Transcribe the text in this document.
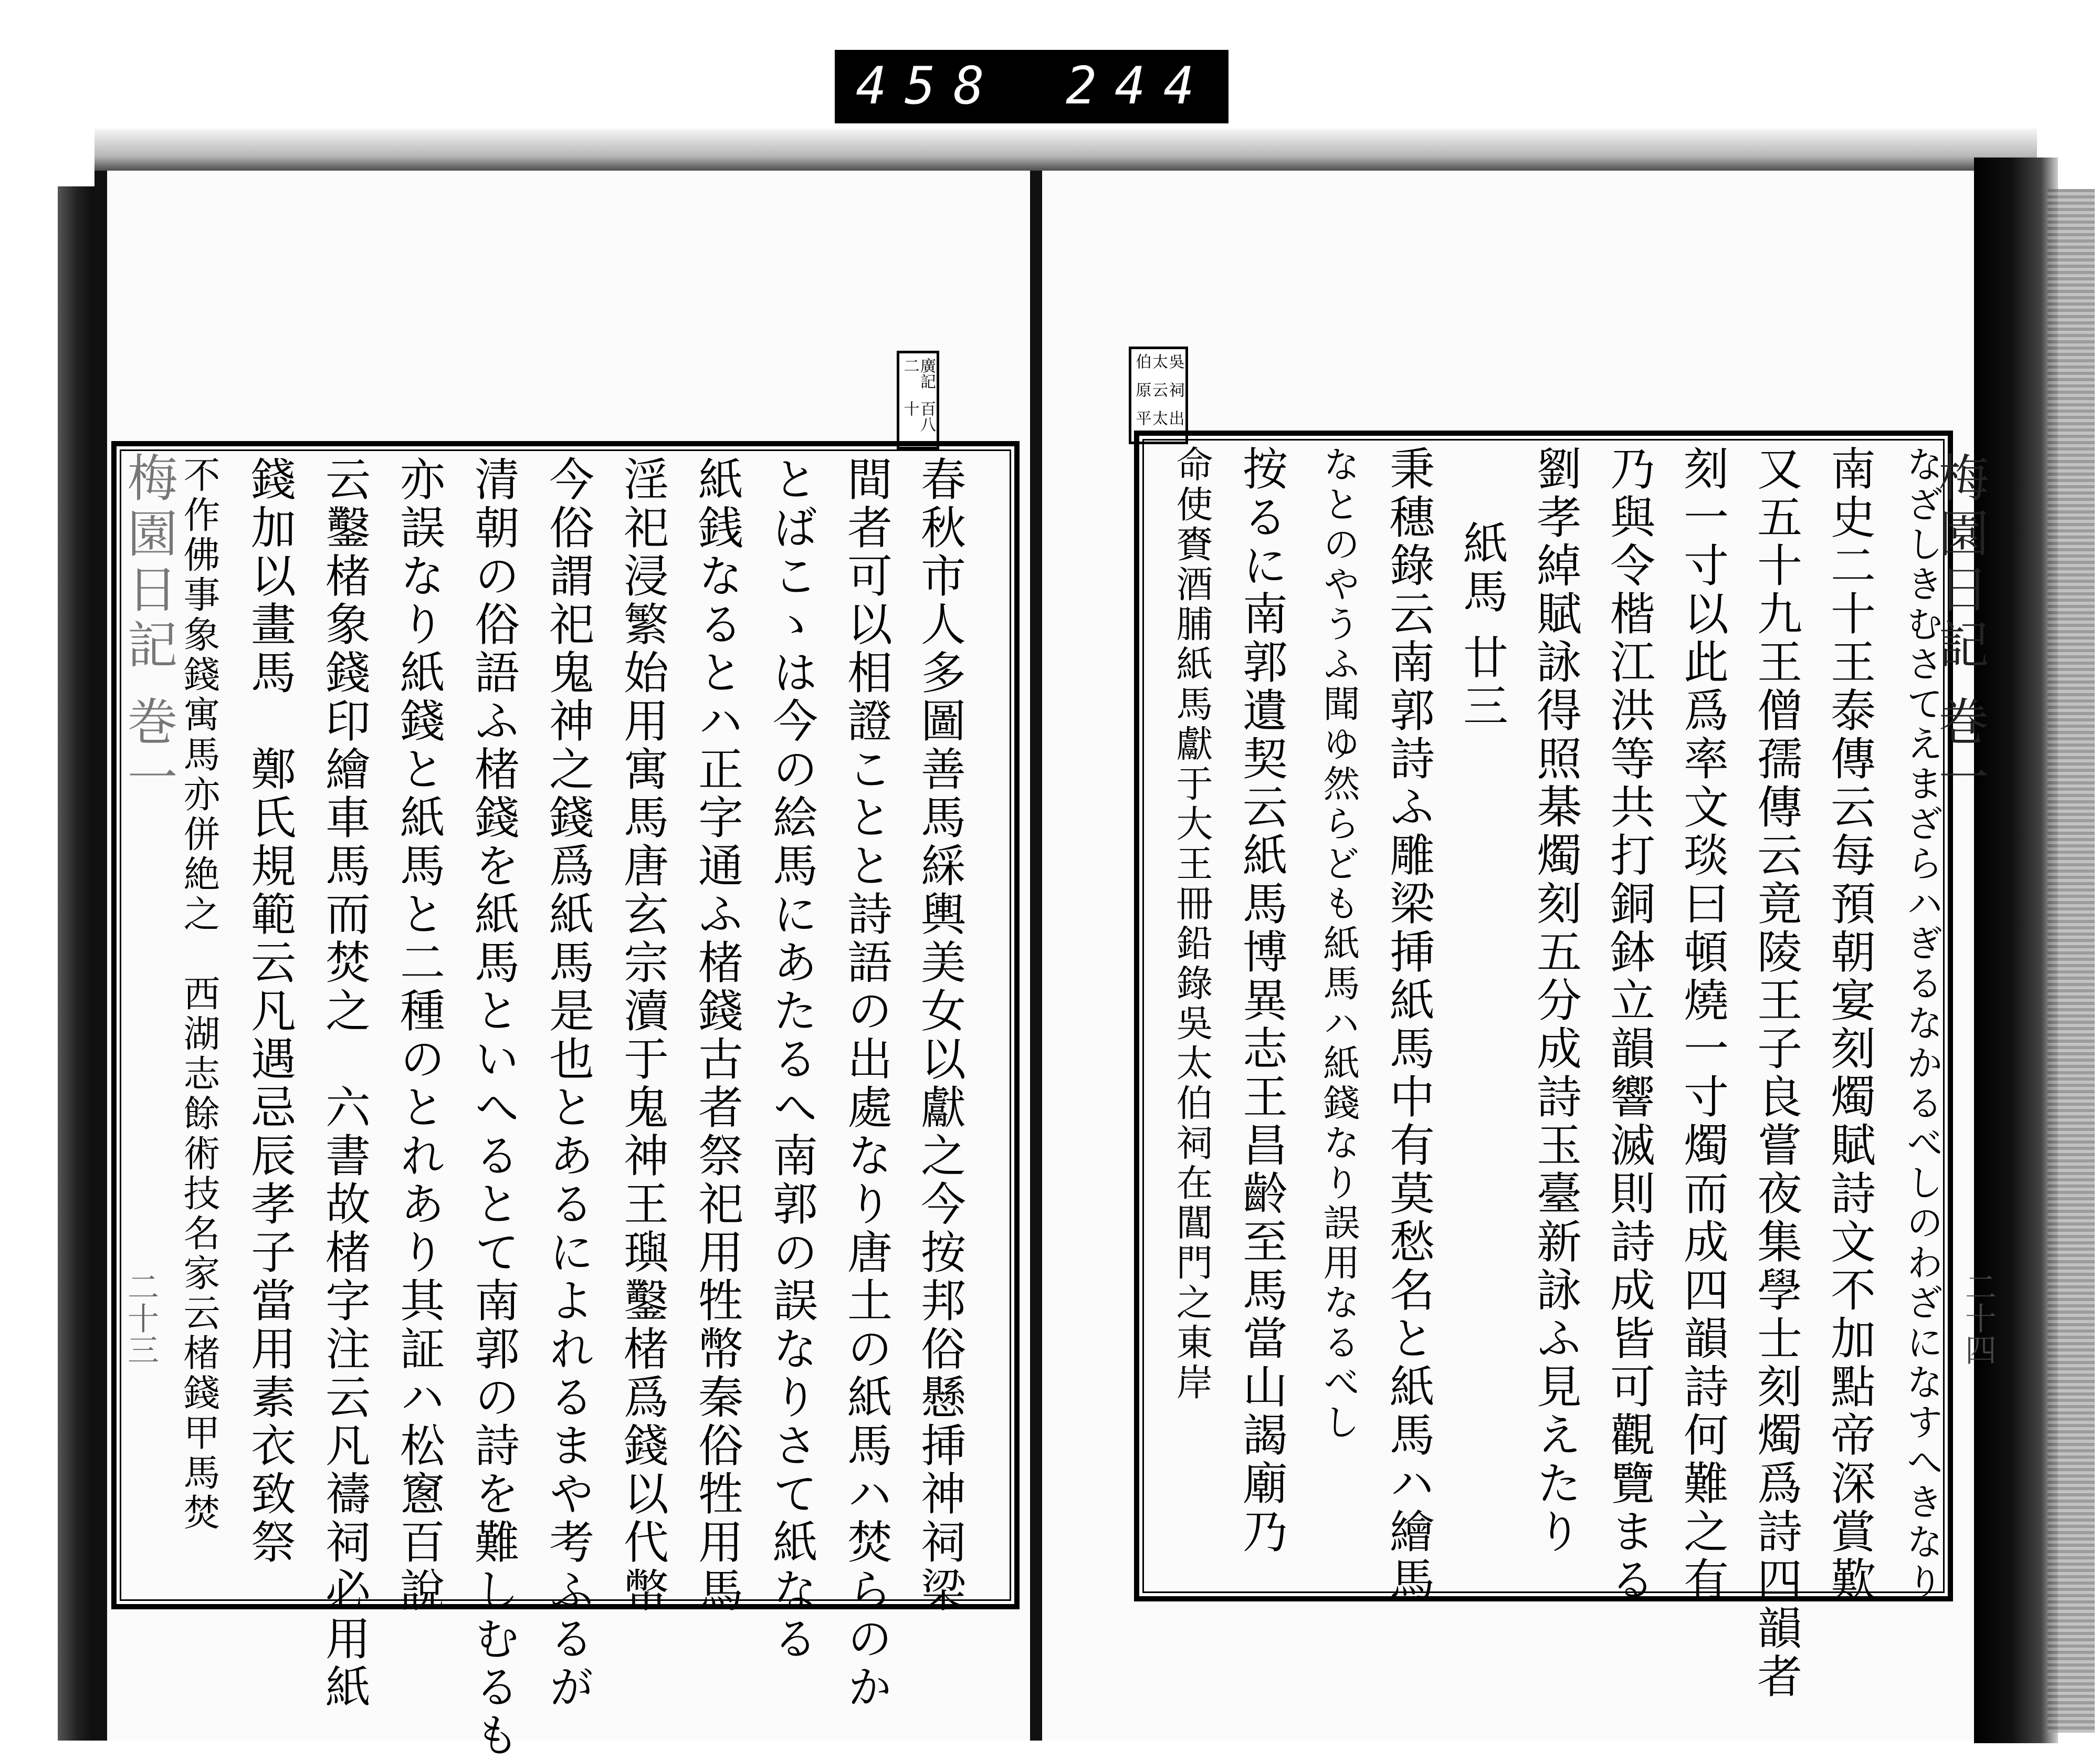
458 244
梅園日記 巻一
二十三
廣記二
百八十
春秋市人多圖善馬綵輿美女以獻之今按邦俗懸挿神祠梁
間者可以相證ことと詩語の出處なり唐土の紙馬ハ焚らのか
とばこゝは今の絵馬にあたるへ南郭の誤なりさて紙なる
紙銭なるとハ正字通ふ楮錢古者祭祀用牲幣秦俗牲用馬
淫祀浸繁始用寓馬唐玄宗瀆于鬼神王璵鑿楮爲錢以代幣
今俗謂祀鬼神之錢爲紙馬是也とあるによれるまや考ふるが
清朝の俗語ふ楮錢を紙馬といへるとて南郭の詩を難しむるも
亦誤なり紙錢と紙馬と二種のとれあり其証ハ松窻百說
云鑿楮象錢印繪車馬而焚之　六書故楮字注云凡禱祠必用紙
錢加以畫馬　鄭氏規範云凡遇忌辰孝子當用素衣致祭
不作佛事象錢寓馬亦併絶之　西湖志餘術技名家云楮錢甲馬焚
吳太伯
祠云原
出太平
なざしきむさてえまざらハぎるなかるべしのわざになすへきなり
南史二十王泰傳云每預朝宴刻燭賦詩文不加點帝深賞歎
又五十九王僧孺傳云竟陵王子良嘗夜集學士刻燭爲詩四韻者
刻一寸以此爲率文琰曰頓燒一寸燭而成四韻詩何難之有
乃與令楷江洪等共打銅鉢立韻響滅則詩成皆可觀覽まる
劉孝綽賦詠得照棊燭刻五分成詩玉臺新詠ふ見えたり
紙馬 廿三
秉穗錄云南郭詩ふ雕梁挿紙馬中有莫愁名と紙馬ハ繪馬
なとのやうふ聞ゆ然らども紙馬ハ紙錢なり誤用なるべし
按るに南郭遺契云紙馬博異志王昌齡至馬當山謁廟乃
命使賚酒脯紙馬獻于大王冊鉛錄吳太伯祠在閶門之東岸	梅園日記 巻一
二十四
